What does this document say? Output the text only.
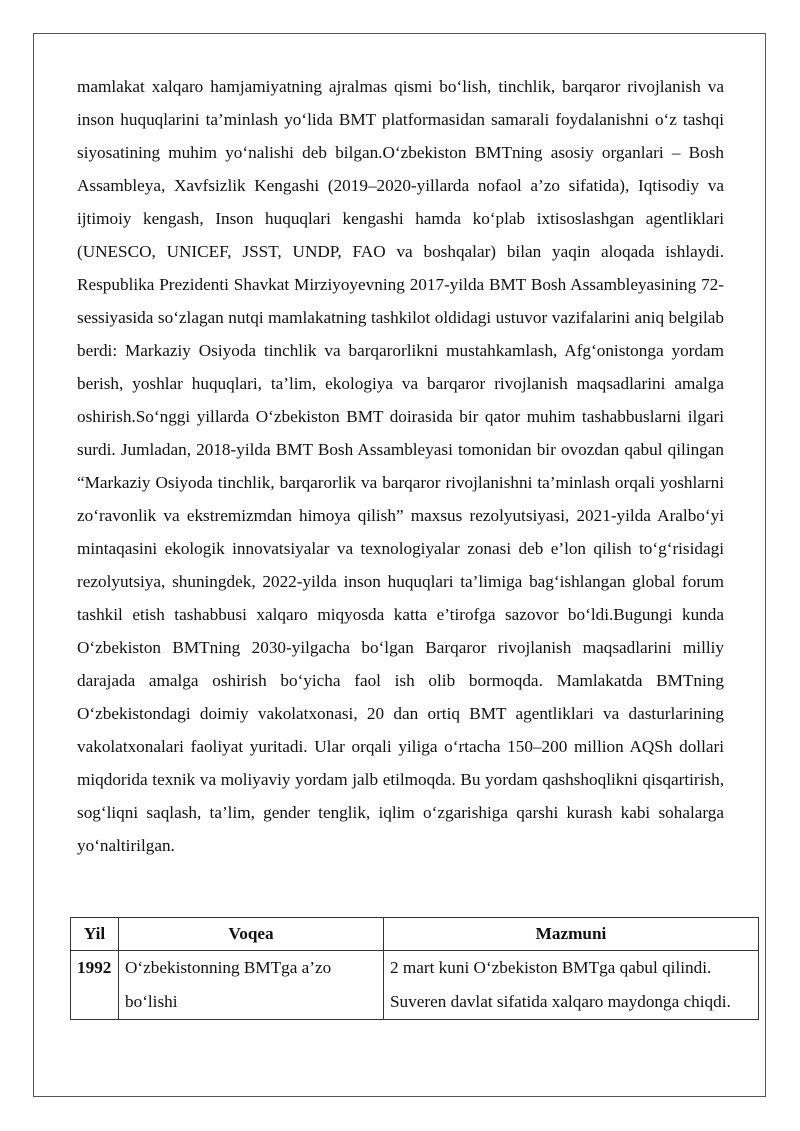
mamlakat xalqaro hamjamiyatning ajralmas qismi bo‘lish, tinchlik, barqaror rivojlanish va inson huquqlarini ta’minlash yo‘lida BMT platformasidan samarali foydalanishni o‘z tashqi siyosatining muhim yo‘nalishi deb bilgan.O‘zbekiston BMTning asosiy organlari – Bosh Assambleya, Xavfsizlik Kengashi (2019–2020-yillarda nofaol a’zo sifatida), Iqtisodiy va ijtimoiy kengash, Inson huquqlari kengashi hamda ko‘plab ixtisoslashgan agentliklari (UNESCO, UNICEF, JSST, UNDP, FAO va boshqalar) bilan yaqin aloqada ishlaydi. Respublika Prezidenti Shavkat Mirziyoyevning 2017-yilda BMT Bosh Assambleyasining 72-sessiyasida so‘zlagan nutqi mamlakatning tashkilot oldidagi ustuvor vazifalarini aniq belgilab berdi: Markaziy Osiyoda tinchlik va barqarorlikni mustahkamlash, Afg‘onistonga yordam berish, yoshlar huquqlari, ta’lim, ekologiya va barqaror rivojlanish maqsadlarini amalga oshirish.So‘nggi yillarda O‘zbekiston BMT doirasida bir qator muhim tashabbuslarni ilgari surdi. Jumladan, 2018-yilda BMT Bosh Assambleyasi tomonidan bir ovozdan qabul qilingan “Markaziy Osiyoda tinchlik, barqarorlik va barqaror rivojlanishni ta’minlash orqali yoshlarni zo‘ravonlik va ekstremizmdan himoya qilish” maxsus rezolyutsiyasi, 2021-yilda Aralbo‘yi mintaqasini ekologik innovatsiyalar va texnologiyalar zonasi deb e’lon qilish to‘g‘risidagi rezolyutsiya, shuningdek, 2022-yilda inson huquqlari ta’limiga bag‘ishlangan global forum tashkil etish tashabbusi xalqaro miqyosda katta e’tirofga sazovor bo‘ldi.Bugungi kunda O‘zbekiston BMTning 2030-yilgacha bo‘lgan Barqaror rivojlanish maqsadlarini milliy darajada amalga oshirish bo‘yicha faol ish olib bormoqda. Mamlakatda BMTning O‘zbekistondagi doimiy vakolatxonasi, 20 dan ortiq BMT agentliklari va dasturlarining vakolatxonalari faoliyat yuritadi. Ular orqali yiliga o‘rtacha 150–200 million AQSh dollari miqdorida texnik va moliyaviy yordam jalb etilmoqda. Bu yordam qashshoqlikni qisqartirish, sog‘liqni saqlash, ta’lim, gender tenglik, iqlim o‘zgarishiga qarshi kurash kabi sohalarga yo‘naltirilgan.

Yil	Voqea	Mazmuni
1992	O‘zbekistonning BMTga a’zo bo‘lishi	2 mart kuni O‘zbekiston BMTga qabul qilindi. Suveren davlat sifatida xalqaro maydonga chiqdi.
